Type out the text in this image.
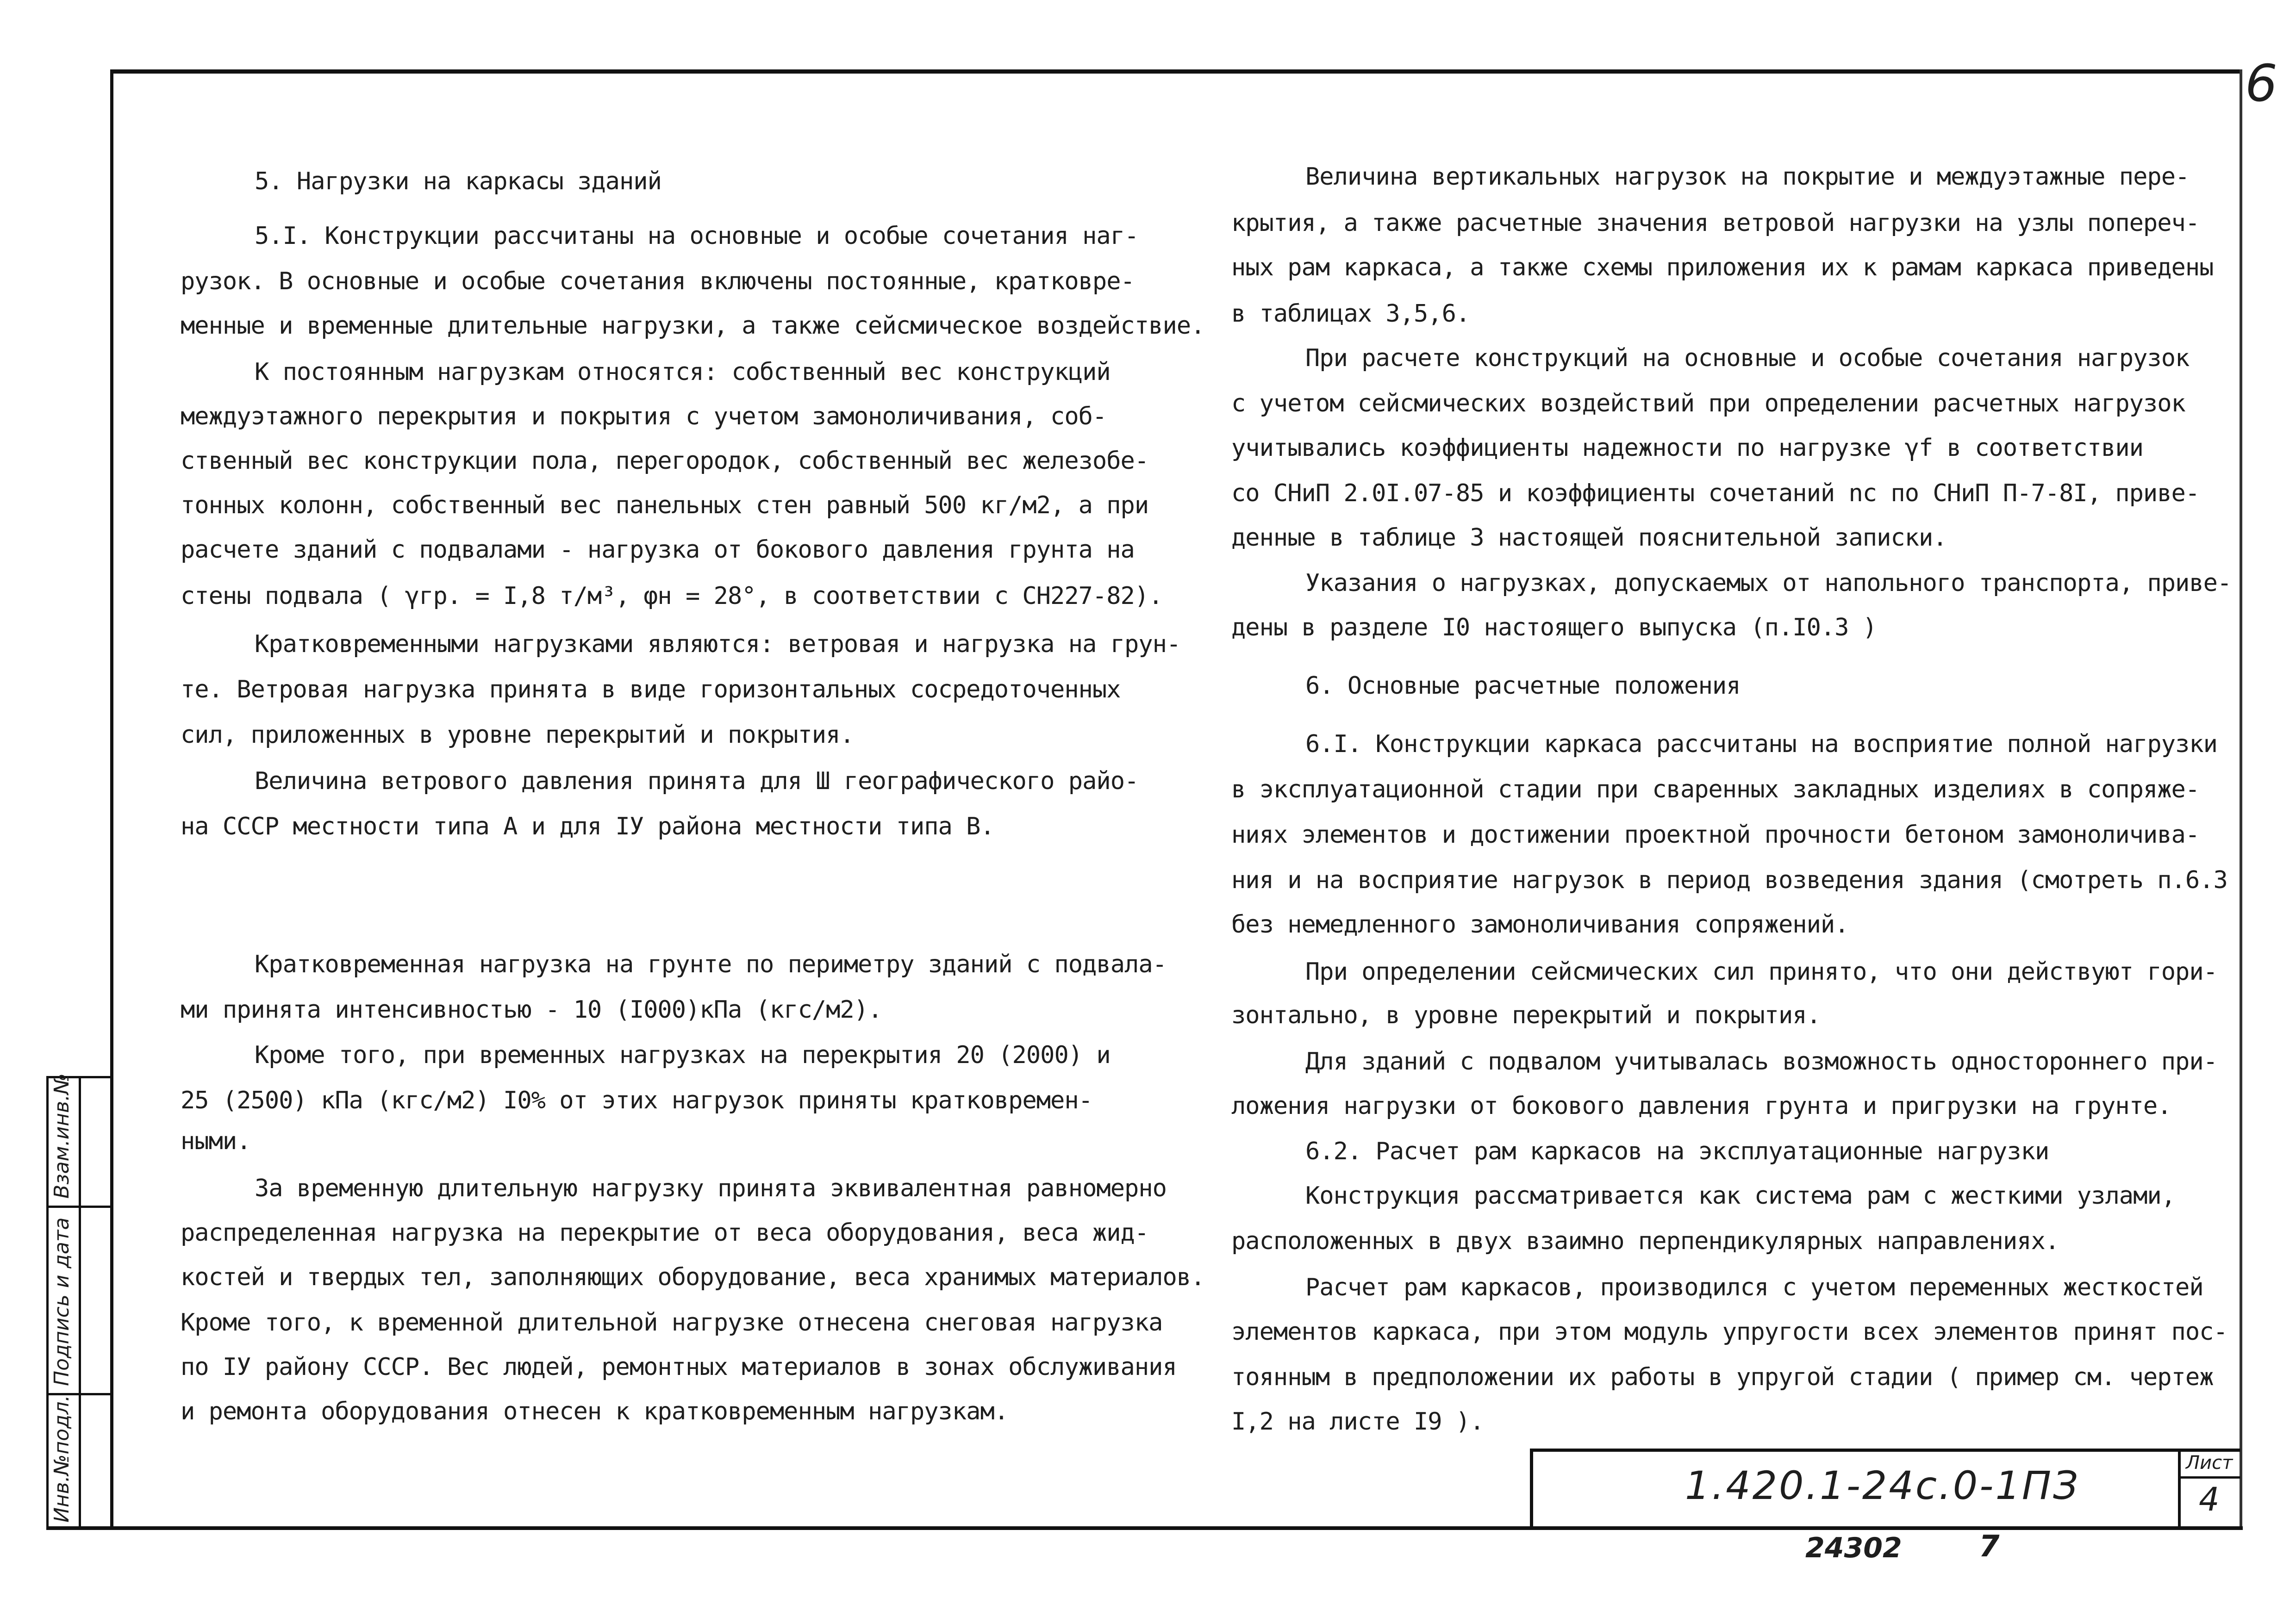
6
Взам.инв.№
Подпись и дата
Инв.№подл.
5. Нагрузки на каркасы зданий
5.I. Конструкции рассчитаны на основные и особые сочетания наг-
рузок. В основные и особые сочетания включены постоянные, кратковре-
менные и временные длительные нагрузки, а также сейсмическое воздействие.
К постоянным нагрузкам относятся: собственный вес конструкций
междуэтажного перекрытия и покрытия с учетом замоноличивания, соб-
ственный вес конструкции пола, перегородок, собственный вес железобе-
тонных колонн, собственный вес панельных стен равный 500 кг/м2, а при
расчете зданий с подвалами - нагрузка от бокового давления грунта на
стены подвала ( γгр. = I,8 т/м³, φн = 28°, в соответствии с СН227-82).
Кратковременными нагрузками являются: ветровая и нагрузка на грун-
те. Ветровая нагрузка принята в виде горизонтальных сосредоточенных
сил, приложенных в уровне перекрытий и покрытия.
Величина ветрового давления принята для Ш географического райо-
на СССР местности типа А и для IУ района местности типа В.
Кратковременная нагрузка на грунте по периметру зданий с подвала-
ми принята интенсивностью - 10 (I000)кПа (кгс/м2).
Кроме того, при временных нагрузках на перекрытия 20 (2000) и
25 (2500) кПа (кгс/м2) I0% от этих нагрузок приняты кратковремен-
ными.
За временную длительную нагрузку принята эквивалентная равномерно
распределенная нагрузка на перекрытие от веса оборудования, веса жид-
костей и твердых тел, заполняющих оборудование, веса хранимых материалов.
Кроме того, к временной длительной нагрузке отнесена снеговая нагрузка
по IУ району СССР. Вес людей, ремонтных материалов в зонах обслуживания
и ремонта оборудования отнесен к кратковременным нагрузкам.
Величина вертикальных нагрузок на покрытие и междуэтажные пере-
крытия, а также расчетные значения ветровой нагрузки на узлы попереч-
ных рам каркаса, а также схемы приложения их к рамам каркаса приведены
в таблицах 3,5,6.
При расчете конструкций на основные и особые сочетания нагрузок
с учетом сейсмических воздействий при определении расчетных нагрузок
учитывались коэффициенты надежности по нагрузке γf в соответствии
со СНиП 2.0I.07-85 и коэффициенты сочетаний nc по СНиП П-7-8I, приве-
денные в таблице 3 настоящей пояснительной записки.
Указания о нагрузках, допускаемых от напольного транспорта, приве-
дены в разделе I0 настоящего выпуска (п.I0.3 )
6. Основные расчетные положения
6.I. Конструкции каркаса рассчитаны на восприятие полной нагрузки
в эксплуатационной стадии при сваренных закладных изделиях в сопряже-
ниях элементов и достижении проектной прочности бетоном замоноличива-
ния и на восприятие нагрузок в период возведения здания (смотреть п.6.3
без немедленного замоноличивания сопряжений.
При определении сейсмических сил принято, что они действуют гори-
зонтально, в уровне перекрытий и покрытия.
Для зданий с подвалом учитывалась возможность одностороннего при-
ложения нагрузки от бокового давления грунта и пригрузки на грунте.
6.2. Расчет рам каркасов на эксплуатационные нагрузки
Конструкция рассматривается как система рам с жесткими узлами,
расположенных в двух взаимно перпендикулярных направлениях.
Расчет рам каркасов, производился с учетом переменных жесткостей
элементов каркаса, при этом модуль упругости всех элементов принят пос-
тоянным в предположении их работы в упругой стадии ( пример см. чертеж
I,2 на листе I9 ).
1.420.1-24с.0-1ПЗ	Лист
4
24302	7
